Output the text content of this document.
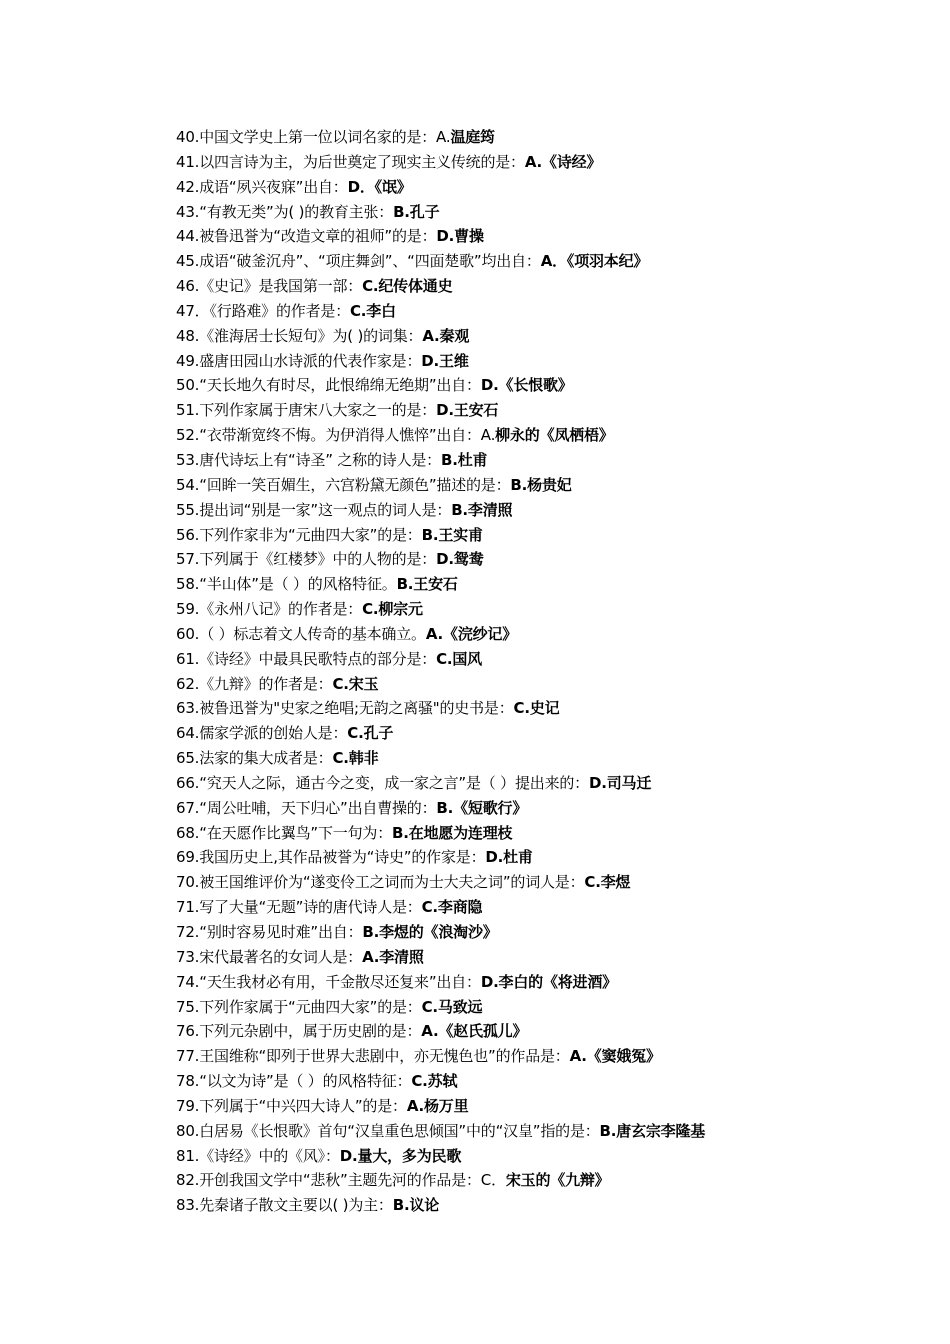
40.中国文学史上第一位以词名家的是：A.温庭筠
41.以四言诗为主，为后世奠定了现实主义传统的是：A.《诗经》
42.成语“夙兴夜寐”出自：D．《氓》
43.“有教无类”为( )的教育主张：B.孔子
44.被鲁迅誉为“改造文章的祖师”的是：D.曹操
45.成语“破釜沉舟”、“项庄舞剑”、“四面楚歌”均出自：A．《项羽本纪》
46.《史记》是我国第一部：C.纪传体通史
47．《行路难》的作者是：C.李白
48.《淮海居士长短句》为( )的词集：A.秦观
49.盛唐田园山水诗派的代表作家是：D.王维
50.“天长地久有时尽，此恨绵绵无绝期”出自：D.《长恨歌》
51.下列作家属于唐宋八大家之一的是：D.王安石
52.“衣带渐宽终不悔。为伊消得人憔悴”出自：A.柳永的《凤栖梧》
53.唐代诗坛上有“诗圣” 之称的诗人是：B.杜甫
54.“回眸一笑百媚生，六宫粉黛无颜色”描述的是：B.杨贵妃
55.提出词“别是一家”这一观点的词人是：B.李清照
56.下列作家非为“元曲四大家”的是：B.王实甫
57.下列属于《红楼梦》中的人物的是：D.鸳鸯
58.“半山体”是（ ）的风格特征。B.王安石
59.《永州八记》的作者是：C.柳宗元
60.（ ）标志着文人传奇的基本确立。A.《浣纱记》
61.《诗经》中最具民歌特点的部分是：C.国风
62.《九辩》的作者是：C.宋玉
63.被鲁迅誉为"史家之绝唱;无韵之离骚"的史书是：C.史记
64.儒家学派的创始人是：C.孔子
65.法家的集大成者是：C.韩非
66.“究天人之际，通古今之变，成一家之言”是（ ）提出来的：D.司马迁
67.“周公吐哺，天下归心”出自曹操的：B.《短歌行》
68.“在天愿作比翼鸟”下一句为：B.在地愿为连理枝
69.我国历史上,其作品被誉为“诗史”的作家是：D.杜甫
70.被王国维评价为“遂变伶工之词而为士大夫之词”的词人是：C.李煜
71.写了大量“无题”诗的唐代诗人是：C.李商隐
72.“别时容易见时难”出自：B.李煜的《浪淘沙》
73.宋代最著名的女词人是：A.李清照
74.“天生我材必有用，千金散尽还复来”出自：D.李白的《将进酒》
75.下列作家属于“元曲四大家”的是：C.马致远
76.下列元杂剧中，属于历史剧的是：A.《赵氏孤儿》
77.王国维称“即列于世界大悲剧中，亦无愧色也”的作品是：A.《窦娥冤》
78.“以文为诗”是（ ）的风格特征：C.苏轼
79.下列属于“中兴四大诗人”的是：A.杨万里
80.白居易《长恨歌》首句“汉皇重色思倾国”中的“汉皇”指的是：B.唐玄宗李隆基
81.《诗经》中的《风》：D.量大，多为民歌
82.开创我国文学中“悲秋”主题先河的作品是：C．宋玉的《九辩》
83.先秦诸子散文主要以( )为主：B.议论
